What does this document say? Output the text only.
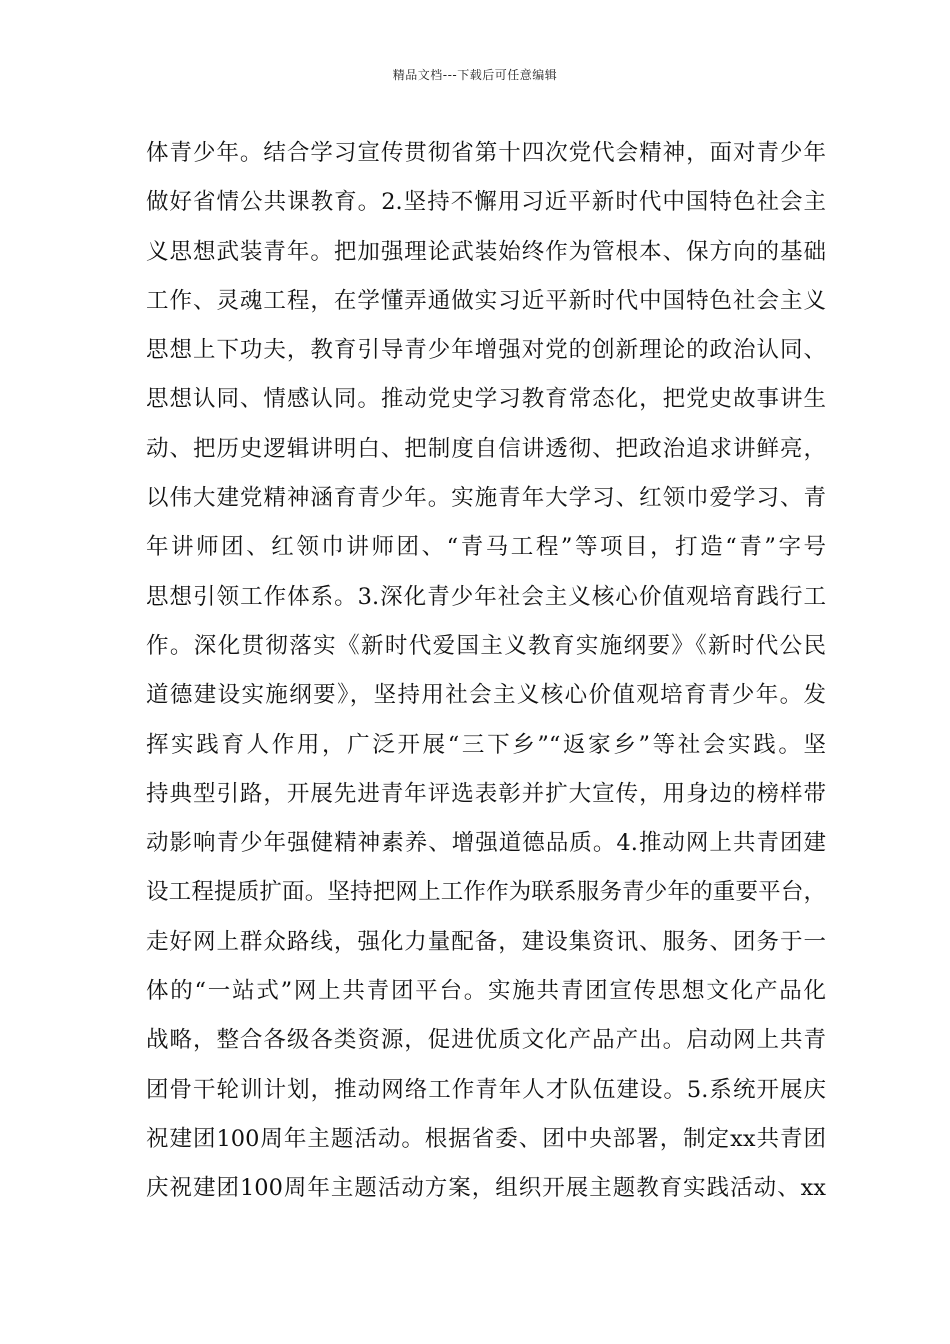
精品文档---下载后可任意编辑
体青少年。结合学习宣传贯彻省第十四次党代会精神，面对青少年
做好省情公共课教育。2.坚持不懈用习近平新时代中国特色社会主
义思想武装青年。把加强理论武装始终作为管根本、保方向的基础
工作、灵魂工程，在学懂弄通做实习近平新时代中国特色社会主义
思想上下功夫，教育引导青少年增强对党的创新理论的政治认同、
思想认同、情感认同。推动党史学习教育常态化，把党史故事讲生
动、把历史逻辑讲明白、把制度自信讲透彻、把政治追求讲鲜亮，
以伟大建党精神涵育青少年。实施青年大学习、红领巾爱学习、青
年讲师团、红领巾讲师团、“青马工程”等项目，打造“青”字号
思想引领工作体系。3.深化青少年社会主义核心价值观培育践行工
作。深化贯彻落实《新时代爱国主义教育实施纲要》《新时代公民
道德建设实施纲要》，坚持用社会主义核心价值观培育青少年。发
挥实践育人作用，广泛开展“三下乡”“返家乡”等社会实践。坚
持典型引路，开展先进青年评选表彰并扩大宣传，用身边的榜样带
动影响青少年强健精神素养、增强道德品质。4.推动网上共青团建
设工程提质扩面。坚持把网上工作作为联系服务青少年的重要平台，
走好网上群众路线，强化力量配备，建设集资讯、服务、团务于一
体的“一站式”网上共青团平台。实施共青团宣传思想文化产品化
战略，整合各级各类资源，促进优质文化产品产出。启动网上共青
团骨干轮训计划，推动网络工作青年人才队伍建设。5.系统开展庆
祝建团100周年主题活动。根据省委、团中央部署，制定xx共青团
庆祝建团100周年主题活动方案，组织开展主题教育实践活动、xx
